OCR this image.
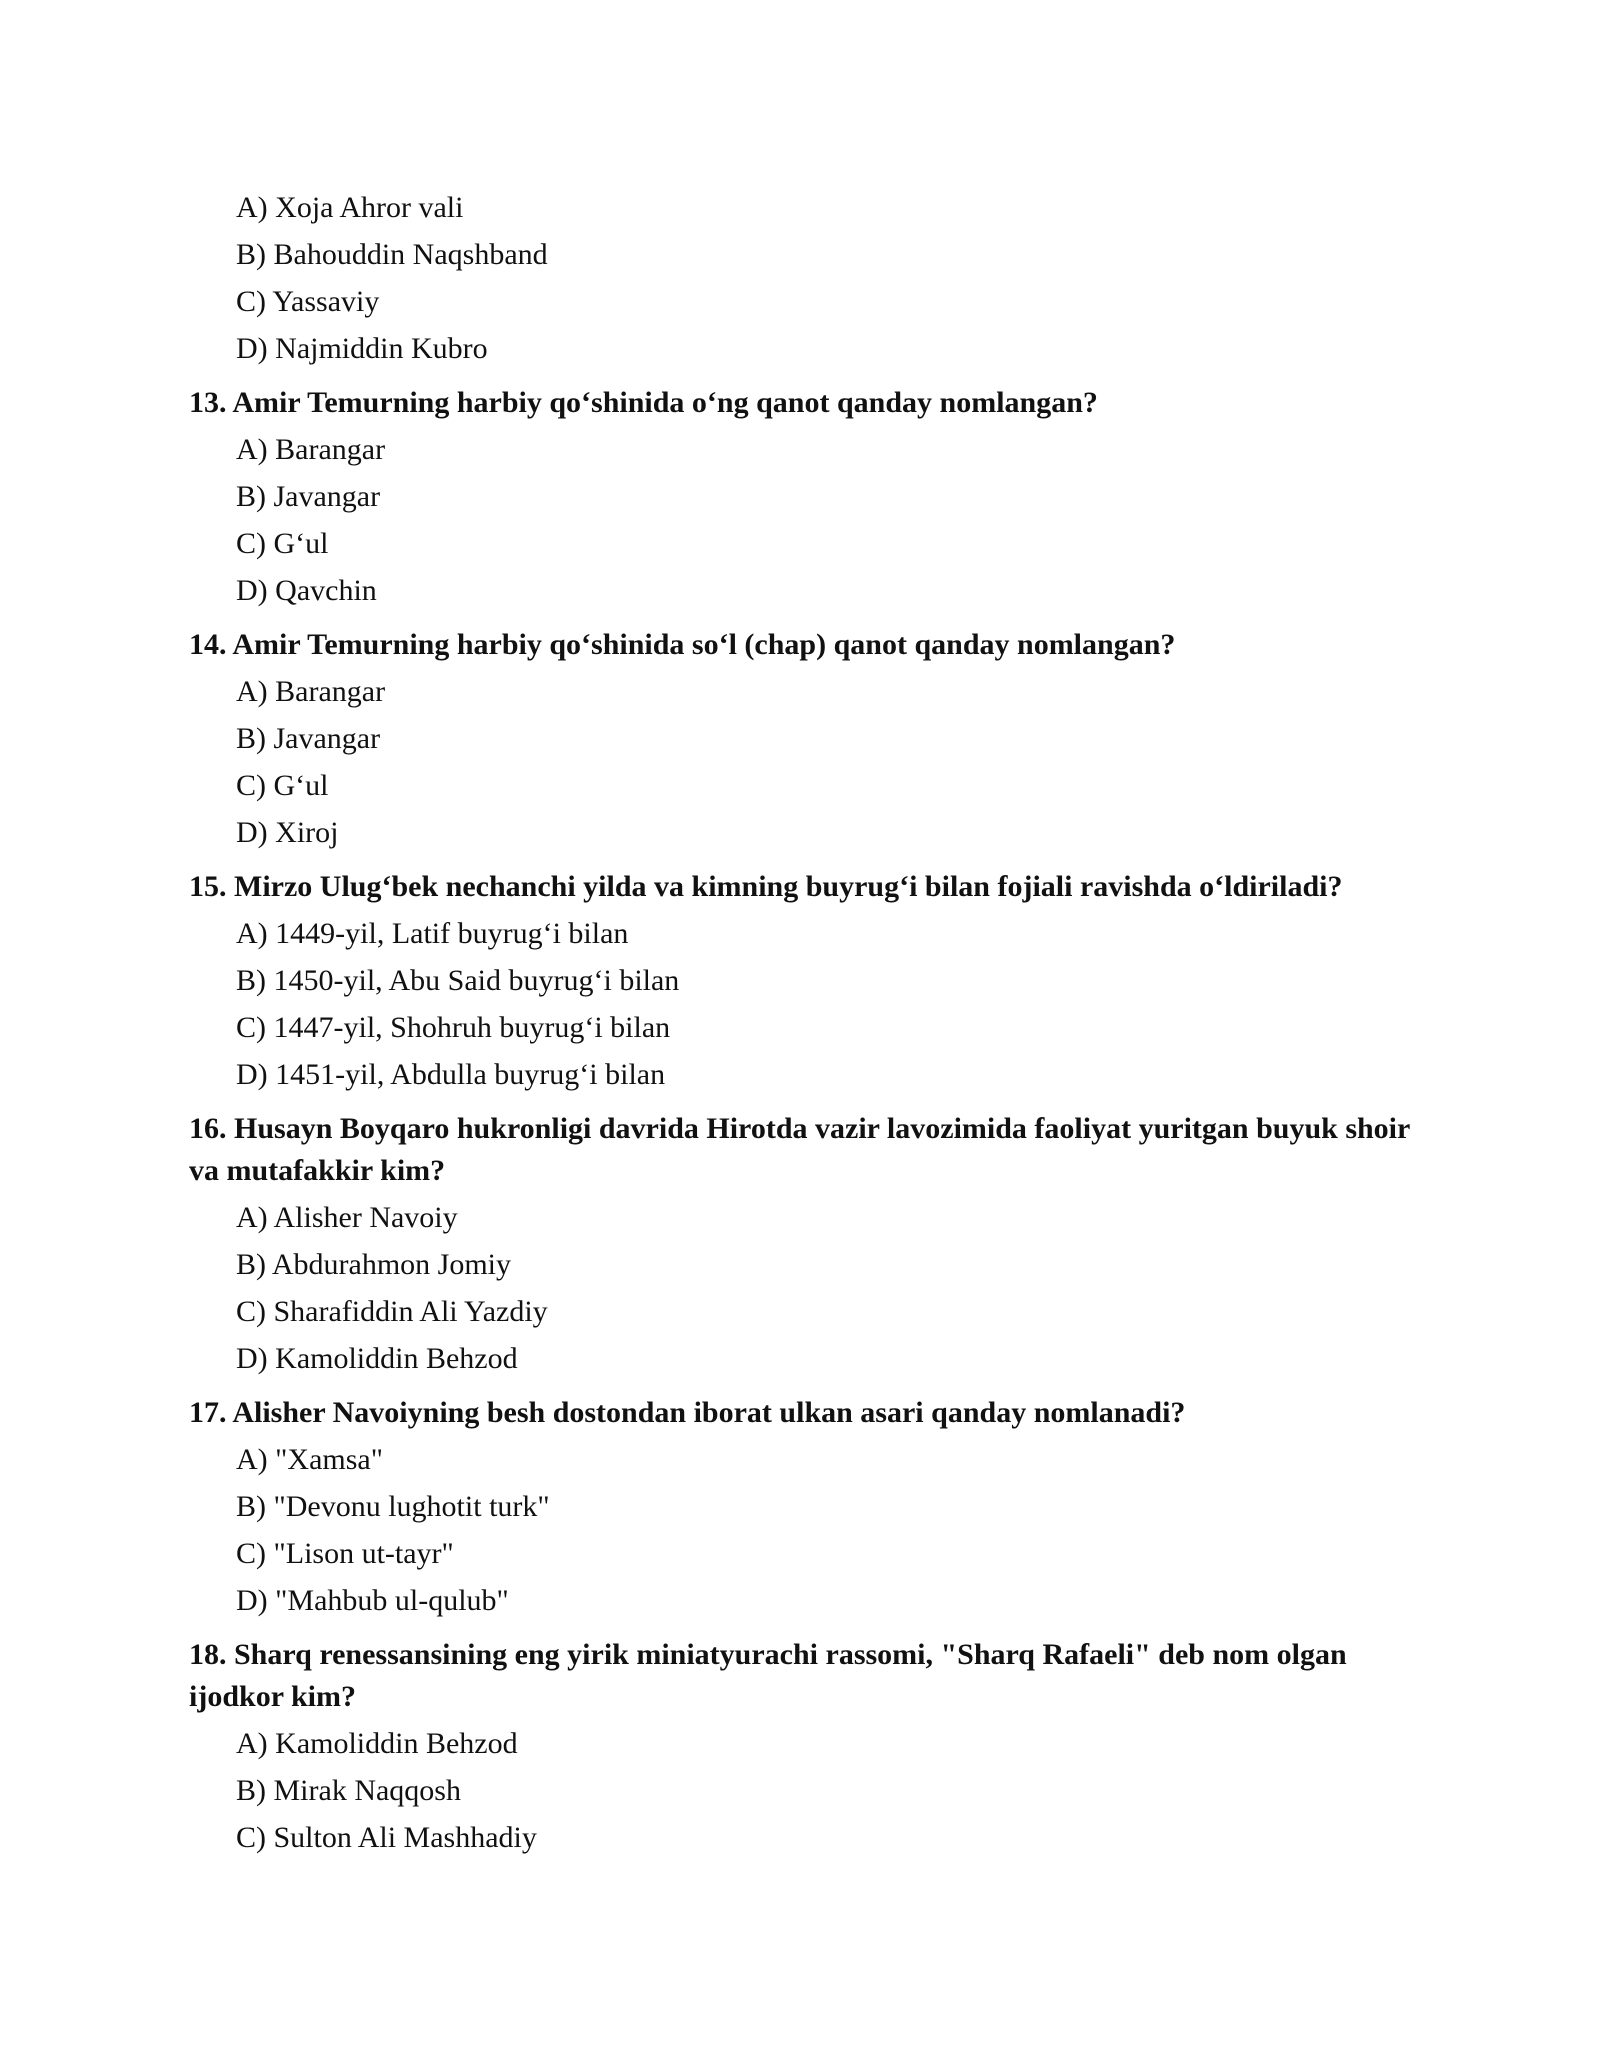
A) Xoja Ahror vali
B) Bahouddin Naqshband
C) Yassaviy
D) Najmiddin Kubro

13. Amir Temurning harbiy qo‘shinida o‘ng qanot qanday nomlangan?

A) Barangar
B) Javangar
C) G‘ul
D) Qavchin

14. Amir Temurning harbiy qo‘shinida so‘l (chap) qanot qanday nomlangan?

A) Barangar
B) Javangar
C) G‘ul
D) Xiroj

15. Mirzo Ulug‘bek nechanchi yilda va kimning buyrug‘i bilan fojiali ravishda o‘ldiriladi?

A) 1449-yil, Latif buyrug‘i bilan
B) 1450-yil, Abu Said buyrug‘i bilan
C) 1447-yil, Shohruh buyrug‘i bilan
D) 1451-yil, Abdulla buyrug‘i bilan

16. Husayn Boyqaro hukronligi davrida Hirotda vazir lavozimida faoliyat yuritgan buyuk shoir va mutafakkir kim?

A) Alisher Navoiy
B) Abdurahmon Jomiy
C) Sharafiddin Ali Yazdiy
D) Kamoliddin Behzod

17. Alisher Navoiyning besh dostondan iborat ulkan asari qanday nomlanadi?

A) "Xamsa"
B) "Devonu lughotit turk"
C) "Lison ut-tayr"
D) "Mahbub ul-qulub"

18. Sharq renessansining eng yirik miniatyurachi rassomi, "Sharq Rafaeli" deb nom olgan ijodkor kim?

A) Kamoliddin Behzod
B) Mirak Naqqosh
C) Sulton Ali Mashhadiy
